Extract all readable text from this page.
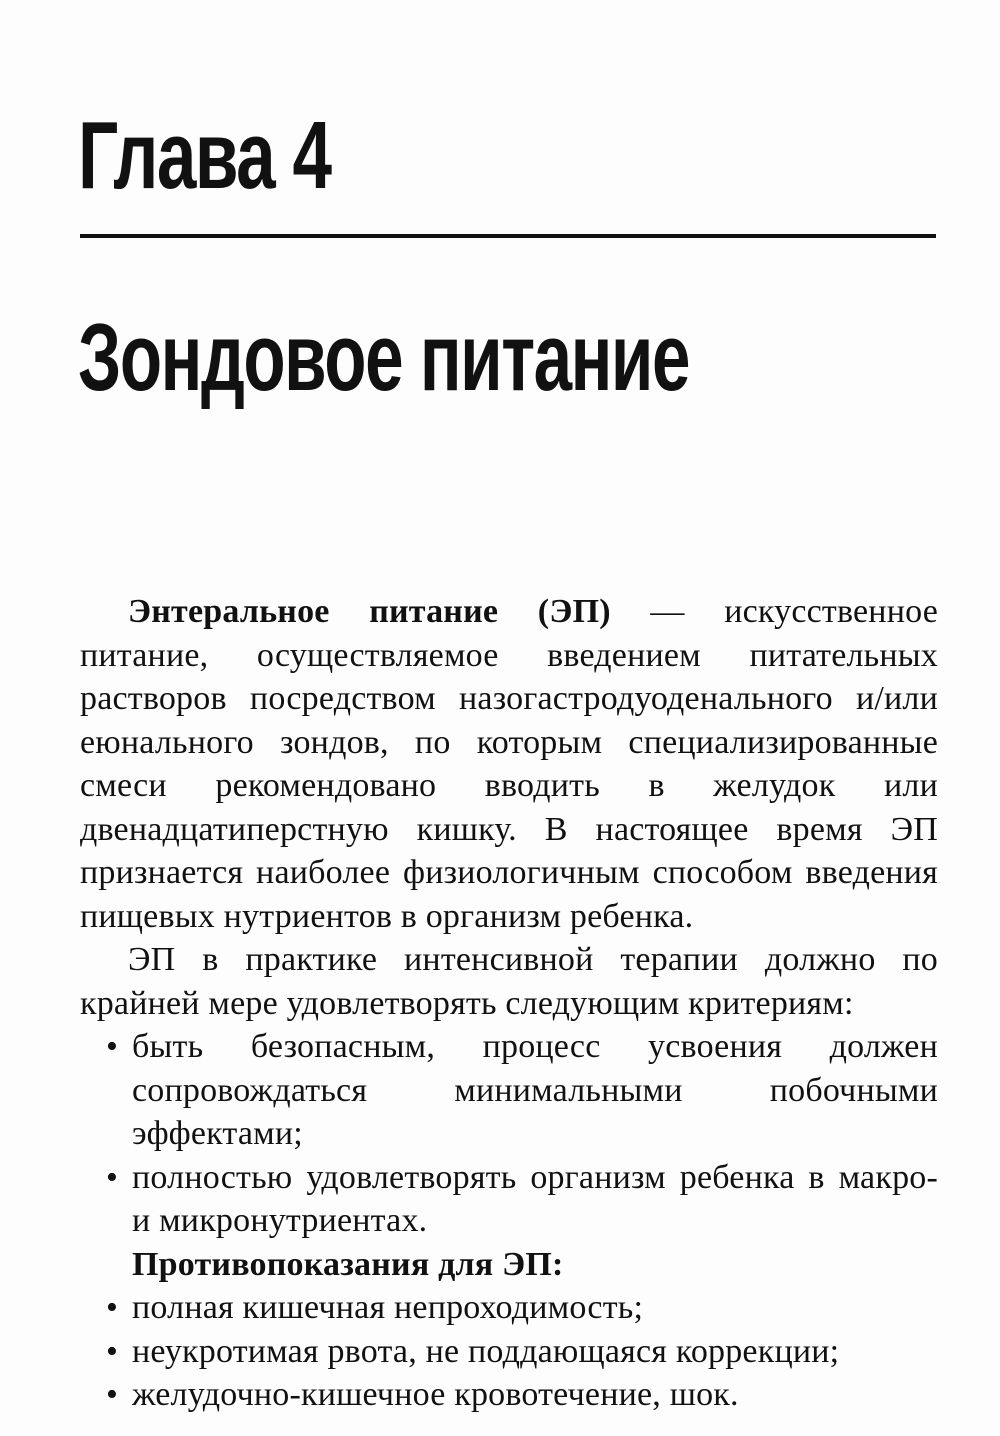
Глава 4
Зондовое питание

Энтеральное питание (ЭП) — искусственное питание, осуществляемое введением питательных растворов посредством назогастродуоденального и/или еюнального зондов, по которым специализированные смеси рекомендовано вводить в желудок или двенадцатиперстную кишку. В настоящее время ЭП признается наиболее физиологичным способом введения пищевых нутриентов в организм ребенка.

ЭП в практике интенсивной терапии должно по крайней мере удовлетворять следующим критериям:

• быть безопасным, процесс усвоения должен сопровождаться минимальными побочными эффектами;
• полностью удовлетворять организм ребенка в макро- и микронутриентах.

Противопоказания для ЭП:

• полная кишечная непроходимость;
• неукротимая рвота, не поддающаяся коррекции;
• желудочно-кишечное кровотечение, шок.
